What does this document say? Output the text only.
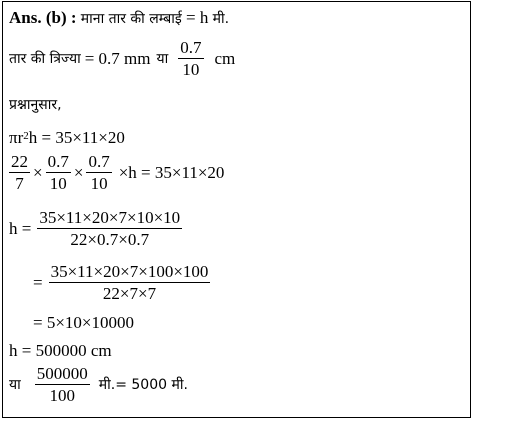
Ans. (b) : माना तार की लम्बाई = h मी.
तार की त्रिज्या = 0.7 mm या $\frac{0.7}{10}$ cm
प्रश्नानुसार,
$\pi r^2h = 35\times 11\times 20$
$\frac{22}{7} \times \frac{0.7}{10} \times \frac{0.7}{10} \times h = 35\times 11\times 20$
$h = \frac{35\times 11\times 20\times 7\times 10\times 10}{22\times 0.7\times 0.7}$
= $\frac{35\times 11\times 20\times 7\times 100\times 100}{22\times 7\times 7}$
= 5×10×10000
h = 500000 cm
या $\frac{500000}{100}$ मी. = 5000 मी.
